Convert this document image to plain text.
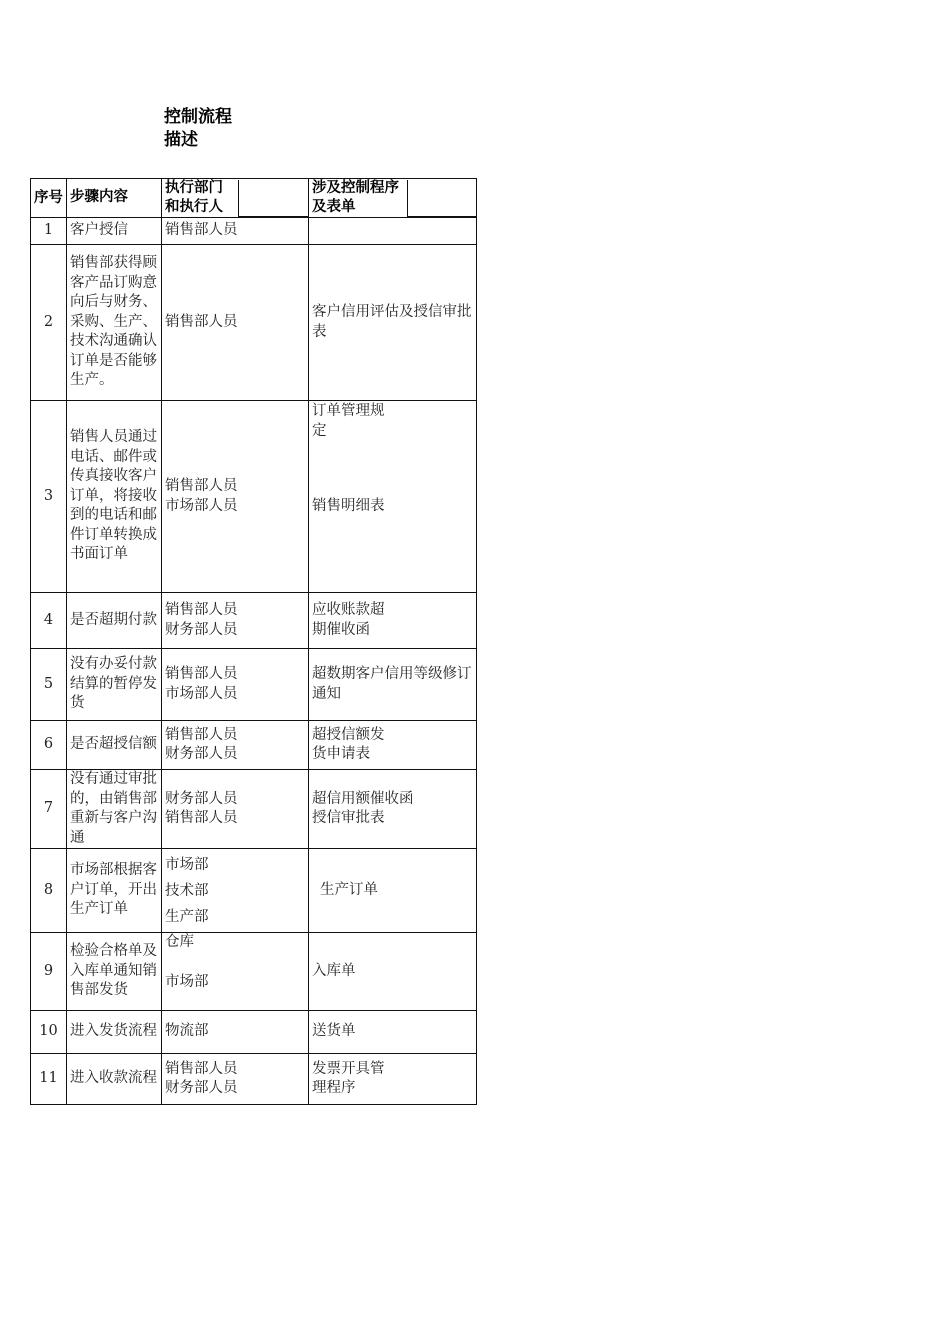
控制流程描述
序号	步骤内容	执行部门和执行人	涉及控制程序及表单

1	客户授信	销售部人员	

2	销售部获得顾客产品订购意向后与财务、采购、生产、技术沟通确认订单是否能够生产。	销售部人员	客户信用评估及授信审批表

3	销售人员通过电话、邮件或传真接收客户订单，将接收到的电话和邮件订单转换成书面订单	销售部人员
市场部人员	订单管理规定
销售明细表

4	是否超期付款	销售部人员
财务部人员	应收账款超期催收函

5	没有办妥付款结算的暂停发货	销售部人员
市场部人员	超数期客户信用等级修订通知

6	是否超授信额	销售部人员
财务部人员	超授信额发货申请表

7	没有通过审批的，由销售部重新与客户沟通	财务部人员
销售部人员	超信用额催收函
授信审批表

8	市场部根据客户订单，开出生产订单	市场部
技术部
生产部	生产订单

9	检验合格单及入库单通知销售部发货	仓库
市场部	入库单

10	进入发货流程	物流部	送货单

11	进入收款流程	销售部人员
财务部人员	发票开具管理程序
